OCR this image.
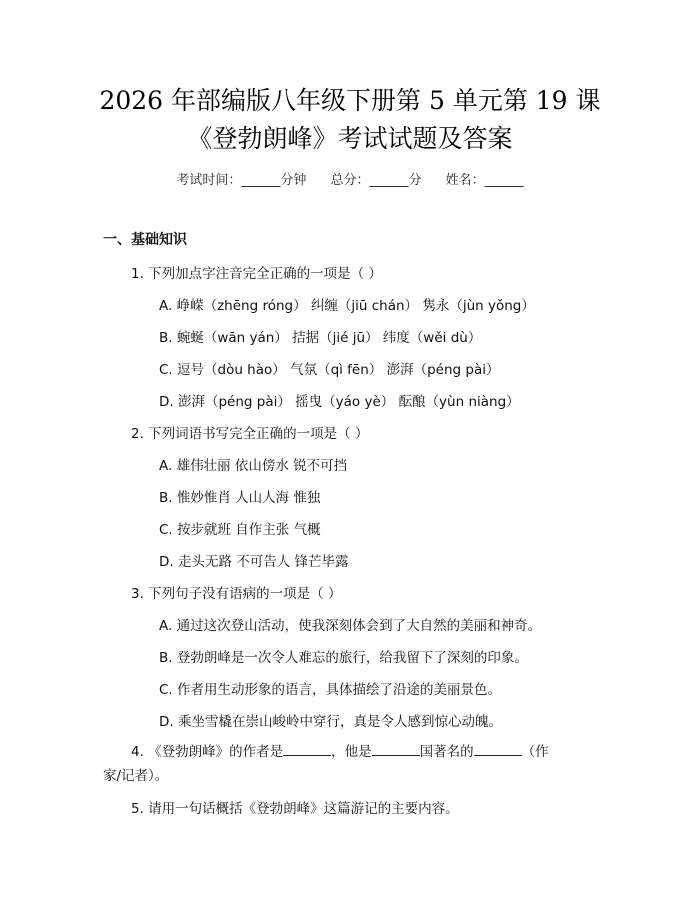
2026 年部编版八年级下册第 5 单元第 19 课
《登勃朗峰》考试试题及答案
考试时间：______分钟 总分：______分 姓名：______
一、基础知识
1. 下列加点字注音完全正确的一项是（ ）
A. 峥嵘（zhēng róng） 纠缠（jiū chán） 隽永（jùn yǒng）
B. 蜿蜒（wān yán） 拮据（jié jū） 纬度（wěi dù）
C. 逗号（dòu hào） 气氛（qì fēn） 澎湃（péng pài）
D. 澎湃（péng pài） 摇曳（yáo yè） 酝酿（yùn niàng）
2. 下列词语书写完全正确的一项是（ ）
A. 雄伟壮丽 依山傍水 锐不可挡
B. 惟妙惟肖 人山人海 惟独
C. 按步就班 自作主张 气概
D. 走头无路 不可告人 锋芒毕露
3. 下列句子没有语病的一项是（ ）
A. 通过这次登山活动，使我深刻体会到了大自然的美丽和神奇。
B. 登勃朗峰是一次令人难忘的旅行，给我留下了深刻的印象。
C. 作者用生动形象的语言，具体描绘了沿途的美丽景色。
D. 乘坐雪橇在崇山峻岭中穿行，真是令人感到惊心动魄。
4. 《登勃朗峰》的作者是	，他是	国著名的	（作
家/记者）。
5. 请用一句话概括《登勃朗峰》这篇游记的主要内容。
